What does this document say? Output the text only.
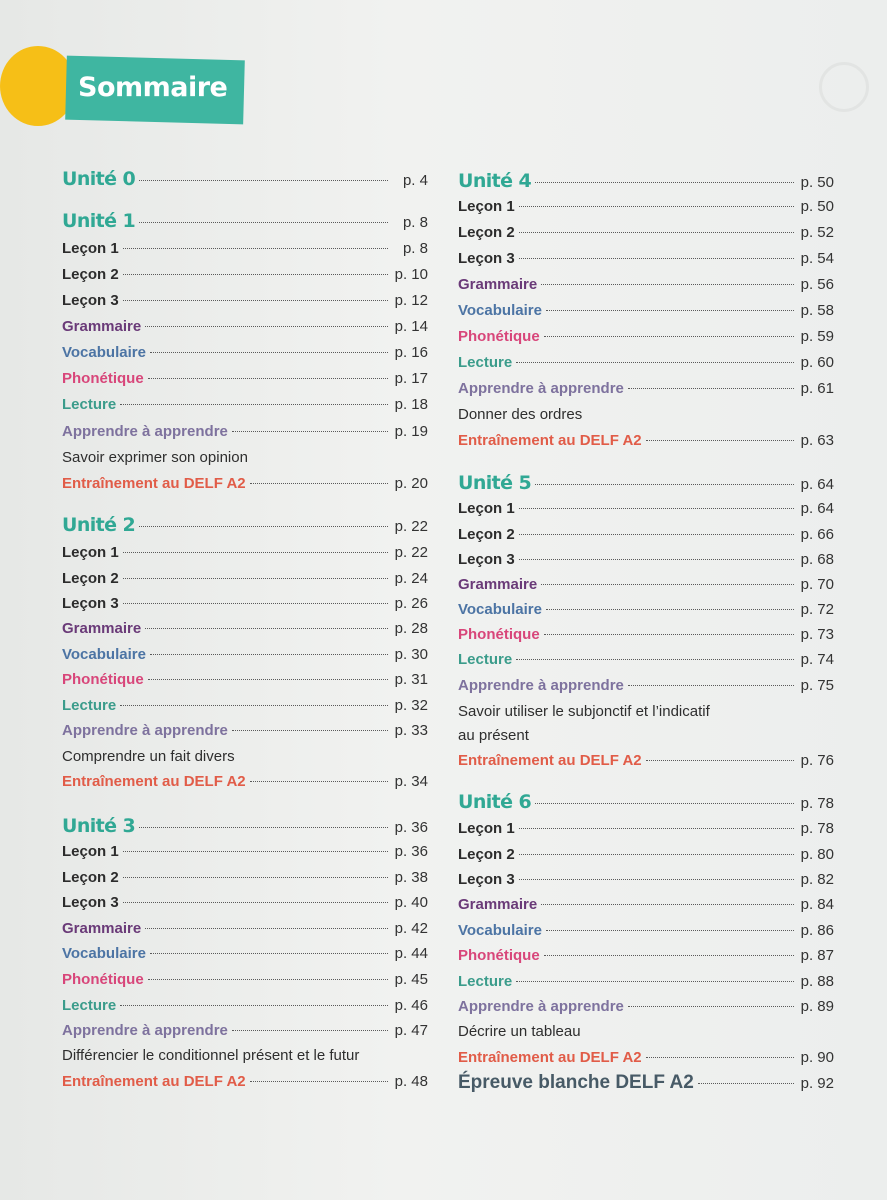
Sommaire
Unité 0	p. 4
Unité 1	p. 8
Leçon 1	p. 8
Leçon 2	p. 10
Leçon 3	p. 12
Grammaire	p. 14
Vocabulaire	p. 16
Phonétique	p. 17
Lecture	p. 18
Apprendre à apprendre	p. 19
Savoir exprimer son opinion
Entraînement au DELF A2	p. 20
Unité 2	p. 22
Leçon 1	p. 22
Leçon 2	p. 24
Leçon 3	p. 26
Grammaire	p. 28
Vocabulaire	p. 30
Phonétique	p. 31
Lecture	p. 32
Apprendre à apprendre	p. 33
Comprendre un fait divers
Entraînement au DELF A2	p. 34
Unité 3	p. 36
Leçon 1	p. 36
Leçon 2	p. 38
Leçon 3	p. 40
Grammaire	p. 42
Vocabulaire	p. 44
Phonétique	p. 45
Lecture	p. 46
Apprendre à apprendre	p. 47
Différencier le conditionnel présent et le futur
Entraînement au DELF A2	p. 48
Unité 4	p. 50
Leçon 1	p. 50
Leçon 2	p. 52
Leçon 3	p. 54
Grammaire	p. 56
Vocabulaire	p. 58
Phonétique	p. 59
Lecture	p. 60
Apprendre à apprendre	p. 61
Donner des ordres
Entraînement au DELF A2	p. 63
Unité 5	p. 64
Leçon 1	p. 64
Leçon 2	p. 66
Leçon 3	p. 68
Grammaire	p. 70
Vocabulaire	p. 72
Phonétique	p. 73
Lecture	p. 74
Apprendre à apprendre	p. 75
Savoir utiliser le subjonctif et l’indicatif
au présent
Entraînement au DELF A2	p. 76
Unité 6	p. 78
Leçon 1	p. 78
Leçon 2	p. 80
Leçon 3	p. 82
Grammaire	p. 84
Vocabulaire	p. 86
Phonétique	p. 87
Lecture	p. 88
Apprendre à apprendre	p. 89
Décrire un tableau
Entraînement au DELF A2	p. 90
Épreuve blanche DELF A2	p. 92
